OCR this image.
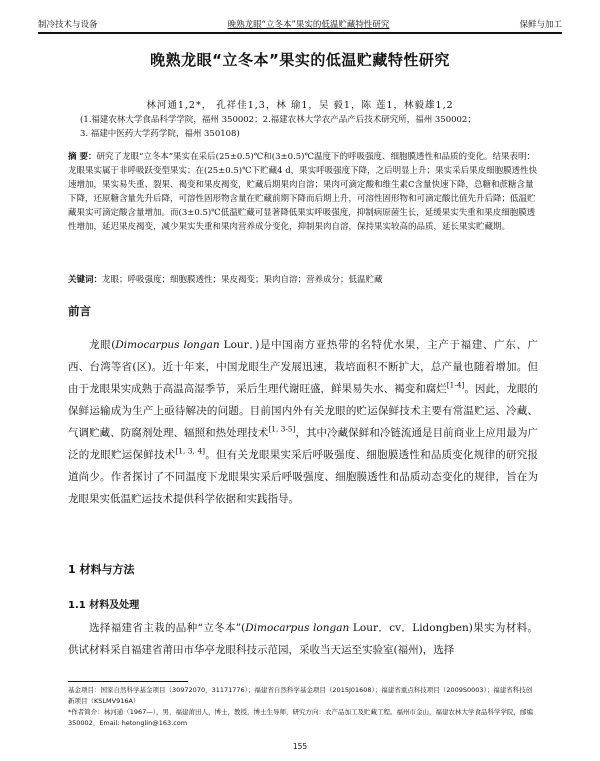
制冷技术与设备	晚熟龙眼“立冬本”果实的低温贮藏特性研究	保鲜与加工
晚熟龙眼“立冬本”果实的低温贮藏特性研究
林河通1,2*， 孔祥佳1,3，林 瑜1，吴 毅1，陈 莲1，林毅雄1,2
(1.福建农林大学食品科学学院，福州 350002；2.福建农林大学农产品产后技术研究所，福州 350002；
3. 福建中医药大学药学院，福州 350108)
摘 要：研究了龙眼“立冬本”果实在采后(25±0.5)℃和(3±0.5)℃温度下的呼吸强度、细胞膜透性和品质的变化。结果表明：龙眼果实属于非呼吸跃变型果实；在(25±0.5)℃下贮藏4 d，果实呼吸强度下降，之后明显上升；果实采后果皮细胞膜透性快速增加，果实易失重、裂果、褐变和果皮褐变，贮藏后期果肉自溶；果肉可滴定酸和维生素C含量快速下降，总糖和蔗糖含量下降，还原糖含量先升后降，可溶性固形物含量在贮藏前期下降而后期上升，可溶性固形物和可滴定酸比值先升后降；低温贮藏果实可滴定酸含量增加。而(3±0.5)℃低温贮藏可显著降低果实呼吸强度，抑制病原菌生长，延缓果实失重和果皮细胞膜透性增加，延迟果皮褐变，减少果实失重和果肉营养成分变化，抑制果肉自溶，保持果实较高的品质，延长果实贮藏期。
关键词：龙眼；呼吸强度；细胞膜透性；果皮褐变；果肉自溶；营养成分；低温贮藏
前言

龙眼(Dimocarpus longan Lour．)是中国南方亚热带的名特优水果，主产于福建、广东、广西、台湾等省(区)。近十年来，中国龙眼生产发展迅速，栽培面积不断扩大，总产量也随着增加。但由于龙眼果实成熟于高温高湿季节，采后生理代谢旺盛，鲜果易失水、褐变和腐烂[1-4]。因此，龙眼的保鲜运输成为生产上亟待解决的问题。目前国内外有关龙眼的贮运保鲜技术主要有常温贮运、冷藏、气调贮藏、防腐剂处理、辐照和热处理技术[1, 3-5]，其中冷藏保鲜和冷链流通是目前商业上应用最为广泛的龙眼贮运保鲜技术[1, 3, 4]。但有关龙眼果实采后呼吸强度、细胞膜透性和品质变化规律的研究报道尚少。作者探讨了不同温度下龙眼果实采后呼吸强度、细胞膜透性和品质动态变化的规律，旨在为龙眼果实低温贮运技术提供科学依据和实践指导。

1 材料与方法
1.1 材料及处理

选择福建省主栽的品种“立冬本”(Dimocarpus longan Lour．cv．Lidongben)果实为材料。供试材料采自福建省莆田市华亭龙眼科技示范园，采收当天运至实验室(福州)，选择

基金项目：国家自然科学基金项目（30972070，31171776）；福建省自然科学基金项目（2015J01608）；福建省重点科技项目（2009S0003）；福建省科技创新项目（KSLMV916A）
*作者简介：林河通（1967—），男，福建莆田人，博士，教授，博士生导师，研究方向：农产品加工及贮藏工程。福州市金山，福建农林大学食品科学学院，邮编 350002，Email: hetonglin@163.com
155
